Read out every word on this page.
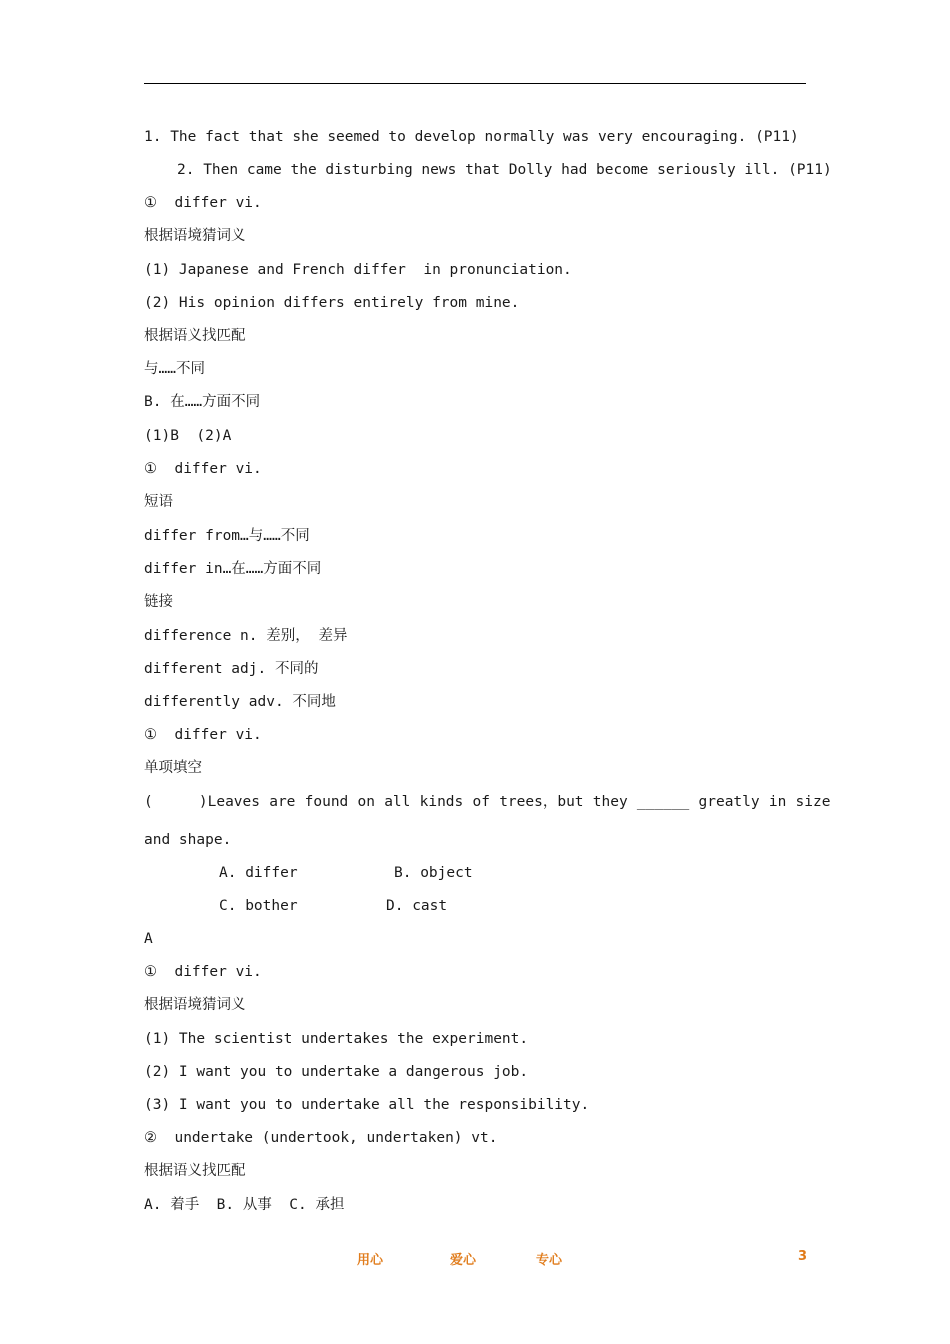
1. The fact that she seemed to develop normally was very encouraging. (P11)
2. Then came the disturbing news that Dolly had become seriously ill. (P11)
①  differ vi.
根据语境猜词义
(1) Japanese and French differ  in pronunciation.
(2) His opinion differs entirely from mine.
根据语义找匹配
与……不同
B. 在……方面不同
(1)B  (2)A
①  differ vi.
短语
differ from…与……不同
differ in…在……方面不同
链接
difference n. 差别， 差异
different adj. 不同的
differently adv. 不同地
①  differ vi.
单项填空
(     )Leaves are found on all kinds of trees，but they ______ greatly in size
and shape.
A. differ	B. object
C. bother	D. cast
A
①  differ vi.
根据语境猜词义
(1) The scientist undertakes the experiment.
(2) I want you to undertake a dangerous job.
(3) I want you to undertake all the responsibility.
②  undertake (undertook, undertaken) vt.
根据语义找匹配
A. 着手  B. 从事  C. 承担
用心	爱心	专心	3
